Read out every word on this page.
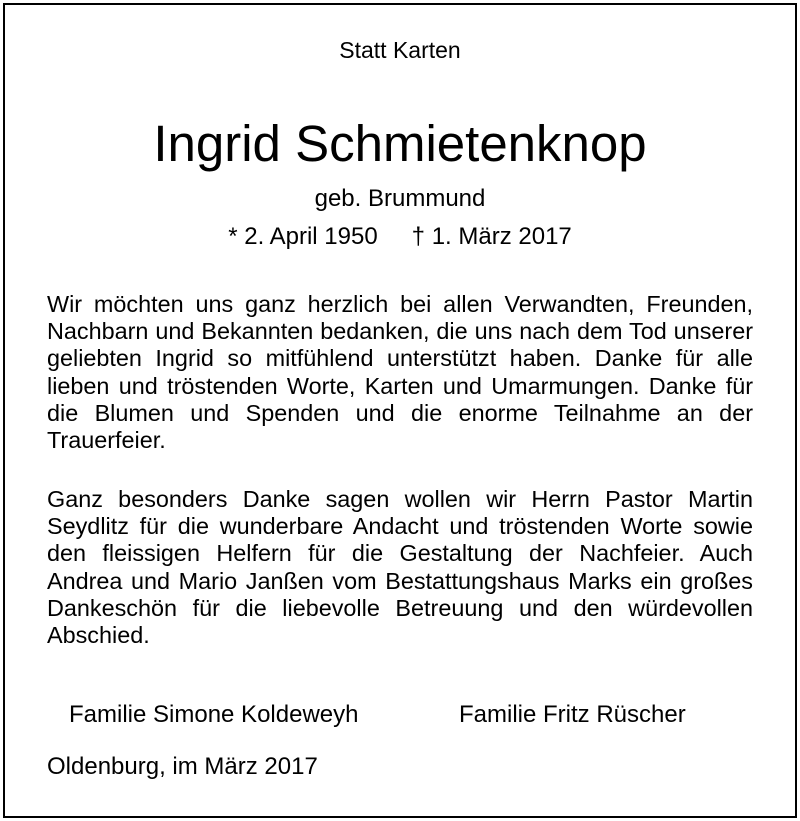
Statt Karten
Ingrid Schmietenknop
geb. Brummund
* 2. April 1950 † 1. März 2017
Wir möchten uns ganz herzlich bei allen Verwandten, Freunden, Nachbarn und Bekannten bedanken, die uns nach dem Tod unserer geliebten Ingrid so mitfühlend unterstützt haben. Danke für alle lieben und tröstenden Worte, Karten und Umarmungen. Danke für die Blumen und Spenden und die enorme Teilnahme an der Trauerfeier.
Ganz besonders Danke sagen wollen wir Herrn Pastor Martin Seydlitz für die wunderbare Andacht und tröstenden Worte sowie den fleissigen Helfern für die Gestaltung der Nachfeier. Auch Andrea und Mario Janßen vom Bestattungshaus Marks ein großes Dankeschön für die liebevolle Betreuung und den würdevollen Abschied.
Familie Simone Koldeweyh	Familie Fritz Rüscher
Oldenburg, im März 2017
